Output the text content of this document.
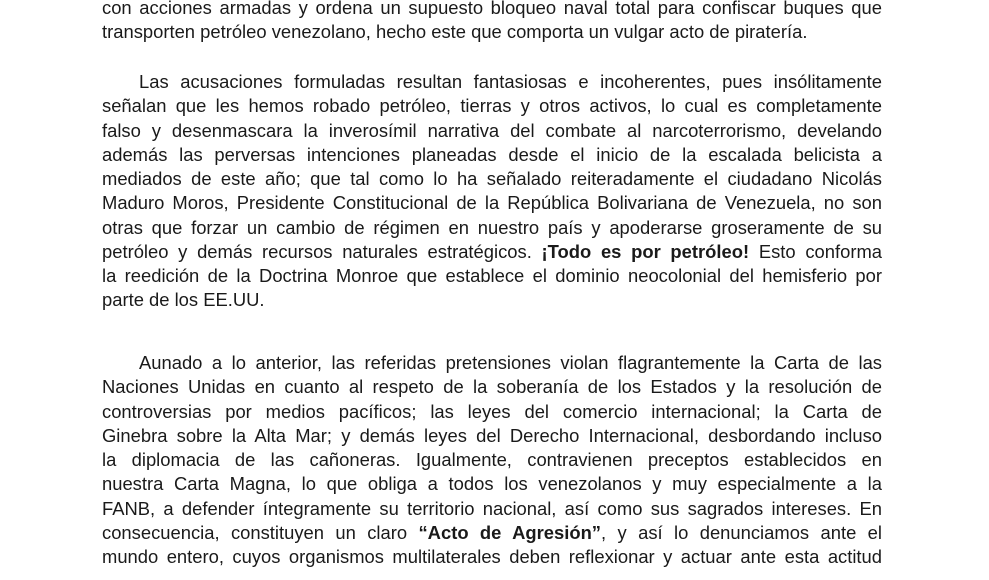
con acciones armadas y ordena un supuesto bloqueo naval total para confiscar buques que
transporten petróleo venezolano, hecho este que comporta un vulgar acto de piratería.
Las acusaciones formuladas resultan fantasiosas e incoherentes, pues insólitamente
señalan que les hemos robado petróleo, tierras y otros activos, lo cual es completamente
falso y desenmascara la inverosímil narrativa del combate al narcoterrorismo, develando
además las perversas intenciones planeadas desde el inicio de la escalada belicista a
mediados de este año; que tal como lo ha señalado reiteradamente el ciudadano Nicolás
Maduro Moros, Presidente Constitucional de la República Bolivariana de Venezuela, no son
otras que forzar un cambio de régimen en nuestro país y apoderarse groseramente de su
petróleo y demás recursos naturales estratégicos. ¡Todo es por petróleo! Esto conforma
la reedición de la Doctrina Monroe que establece el dominio neocolonial del hemisferio por
parte de los EE.UU.
Aunado a lo anterior, las referidas pretensiones violan flagrantemente la Carta de las
Naciones Unidas en cuanto al respeto de la soberanía de los Estados y la resolución de
controversias por medios pacíficos; las leyes del comercio internacional; la Carta de
Ginebra sobre la Alta Mar; y demás leyes del Derecho Internacional, desbordando incluso
la diplomacia de las cañoneras. Igualmente, contravienen preceptos establecidos en
nuestra Carta Magna, lo que obliga a todos los venezolanos y muy especialmente a la
FANB, a defender íntegramente su territorio nacional, así como sus sagrados intereses. En
consecuencia, constituyen un claro “Acto de Agresión”, y así lo denunciamos ante el
mundo entero, cuyos organismos multilaterales deben reflexionar y actuar ante esta actitud
